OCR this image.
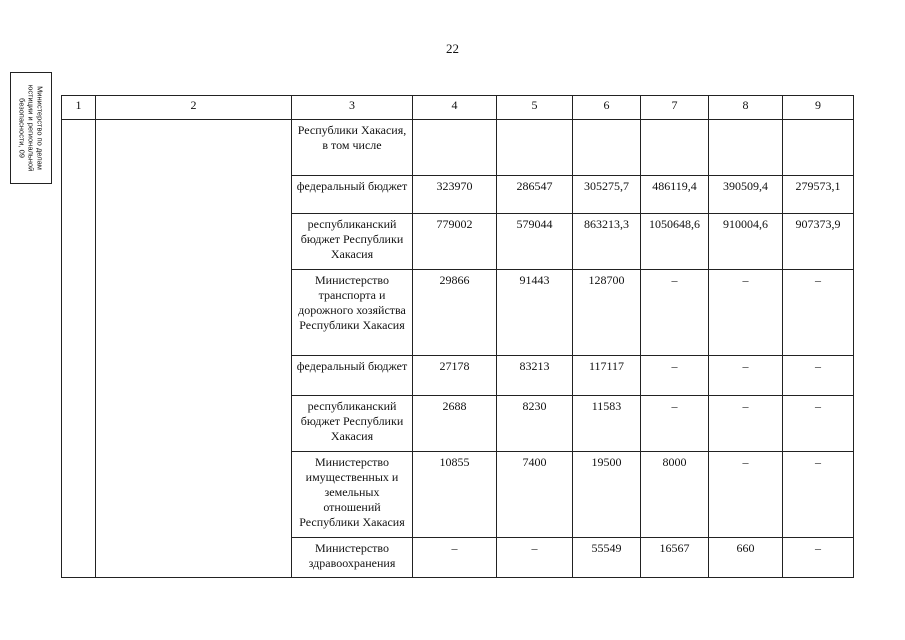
22
Министерство по делам
юстиции и региональной
безопасности, 09	1	2	3	4	5	6	7	8	9
		Республики Хакасия, в том числе						
		федеральный бюджет	323970	286547	305275,7	486119,4	390509,4	279573,1
		республиканский бюджет Республики Хакасия	779002	579044	863213,3	1050648,6	910004,6	907373,9
		Министерство транспорта и дорожного хозяйства Республики Хакасия	29866	91443	128700	–	–	–
		федеральный бюджет	27178	83213	117117	–	–	–
		республиканский бюджет Республики Хакасия	2688	8230	11583	–	–	–
		Министерство имущественных и земельных отношений Республики Хакасия	10855	7400	19500	8000	–	–
		Министерство здравоохранения	–	–	55549	16567	660	–
